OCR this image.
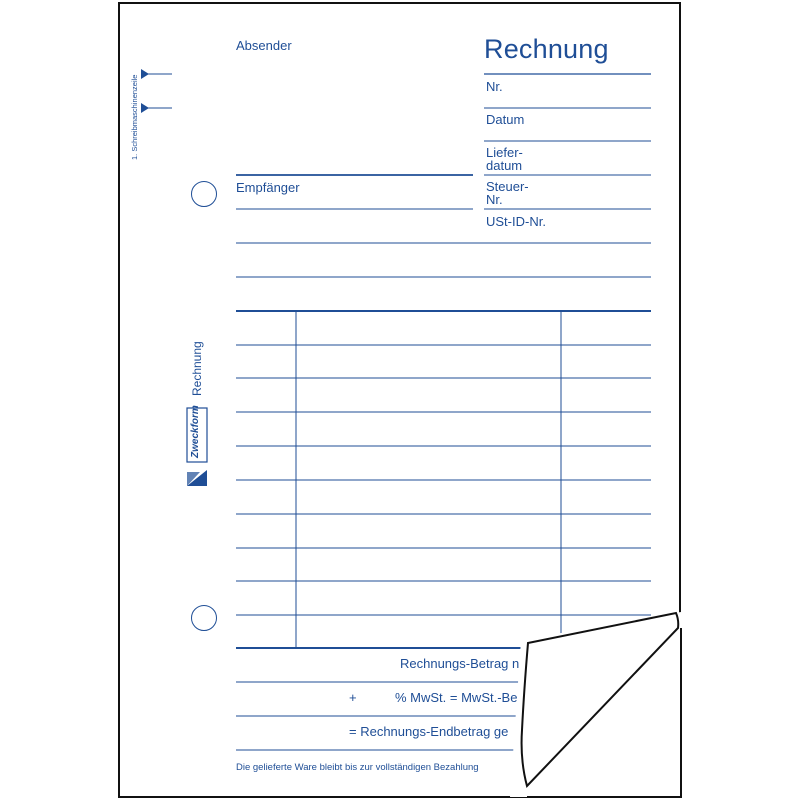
Absender	Rechnung
Nr.
Datum
Liefer-
datum
Steuer-
Nr.
USt-ID-Nr.
Empfänger
1. Schreibmaschinenzeile
Rechnung
Zweckform
Rechnungs-Betrag n
+	% MwSt. = MwSt.-Be
= Rechnungs-Endbetrag ge
Die gelieferte Ware bleibt bis zur vollständigen Bezahlung
